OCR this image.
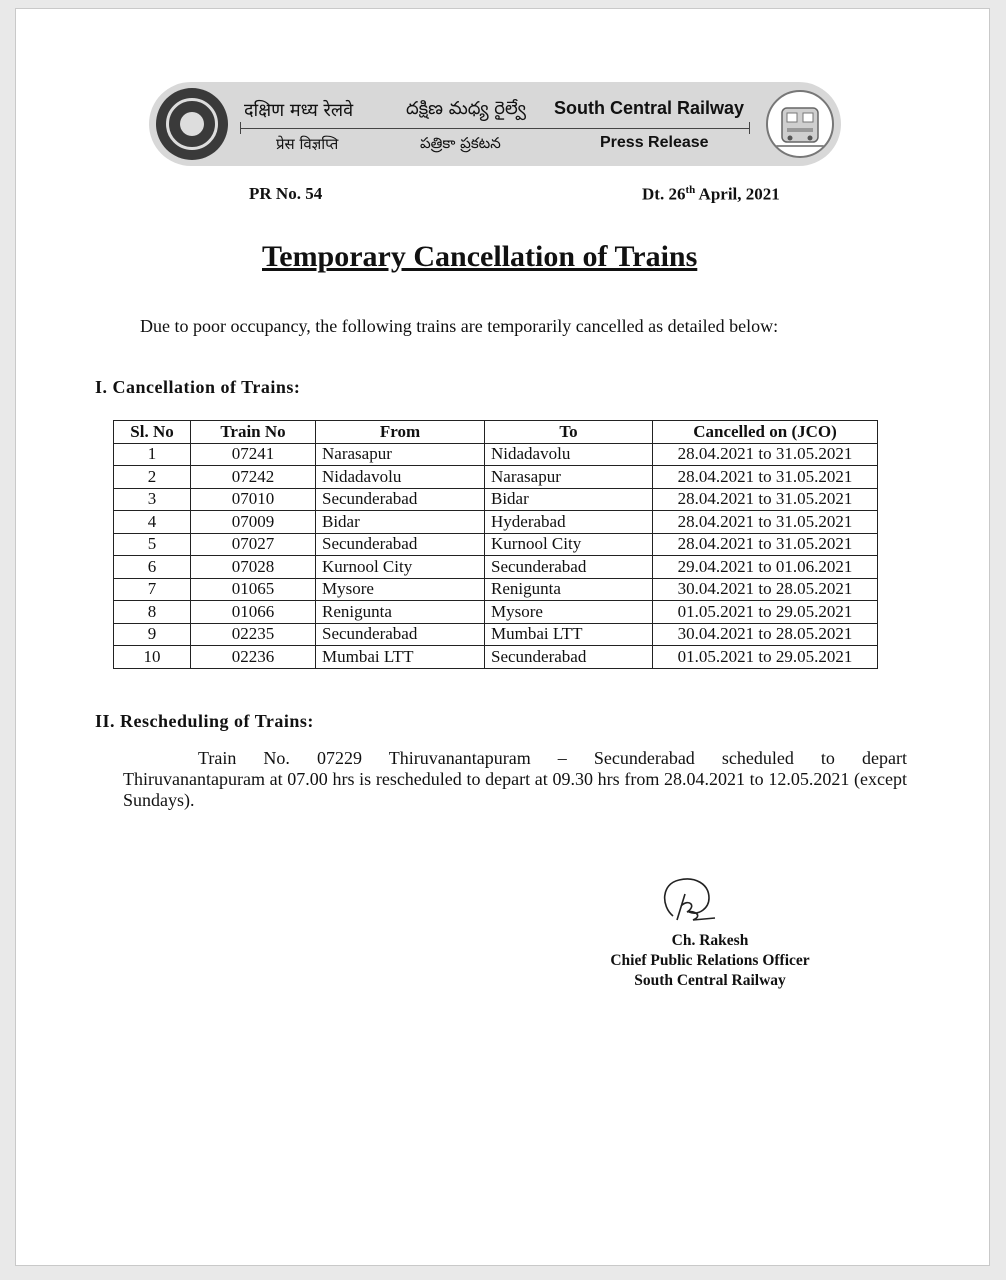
दक्षिण मध्य रेलवे	దక్షిణ మధ్య రైల్వే South Central Railway
प्रेस विज्ञप्ति	పత్రికా ప్రకటన	Press Release
PR No. 54	Dt. 26th April, 2021
Temporary Cancellation of Trains
Due to poor occupancy, the following trains are temporarily cancelled as detailed below:
I. Cancellation of Trains:
Sl. No	Train No	From	To	Cancelled on (JCO)
1	07241	Narasapur	Nidadavolu	28.04.2021 to 31.05.2021
2	07242	Nidadavolu	Narasapur	28.04.2021 to 31.05.2021
3	07010	Secunderabad	Bidar	28.04.2021 to 31.05.2021
4	07009	Bidar	Hyderabad	28.04.2021 to 31.05.2021
5	07027	Secunderabad	Kurnool City	28.04.2021 to 31.05.2021
6	07028	Kurnool City	Secunderabad	29.04.2021 to 01.06.2021
7	01065	Mysore	Renigunta	30.04.2021 to 28.05.2021
8	01066	Renigunta	Mysore	01.05.2021 to 29.05.2021
9	02235	Secunderabad	Mumbai LTT	30.04.2021 to 28.05.2021
10	02236	Mumbai LTT	Secunderabad	01.05.2021 to 29.05.2021
II. Rescheduling of Trains:
Train No. 07229 Thiruvanantapuram – Secunderabad scheduled to depart
Thiruvanantapuram at 07.00 hrs is rescheduled to depart at 09.30 hrs from 28.04.2021 to 12.05.2021 (except Sundays).
Ch. Rakesh
Chief Public Relations Officer
South Central Railway
